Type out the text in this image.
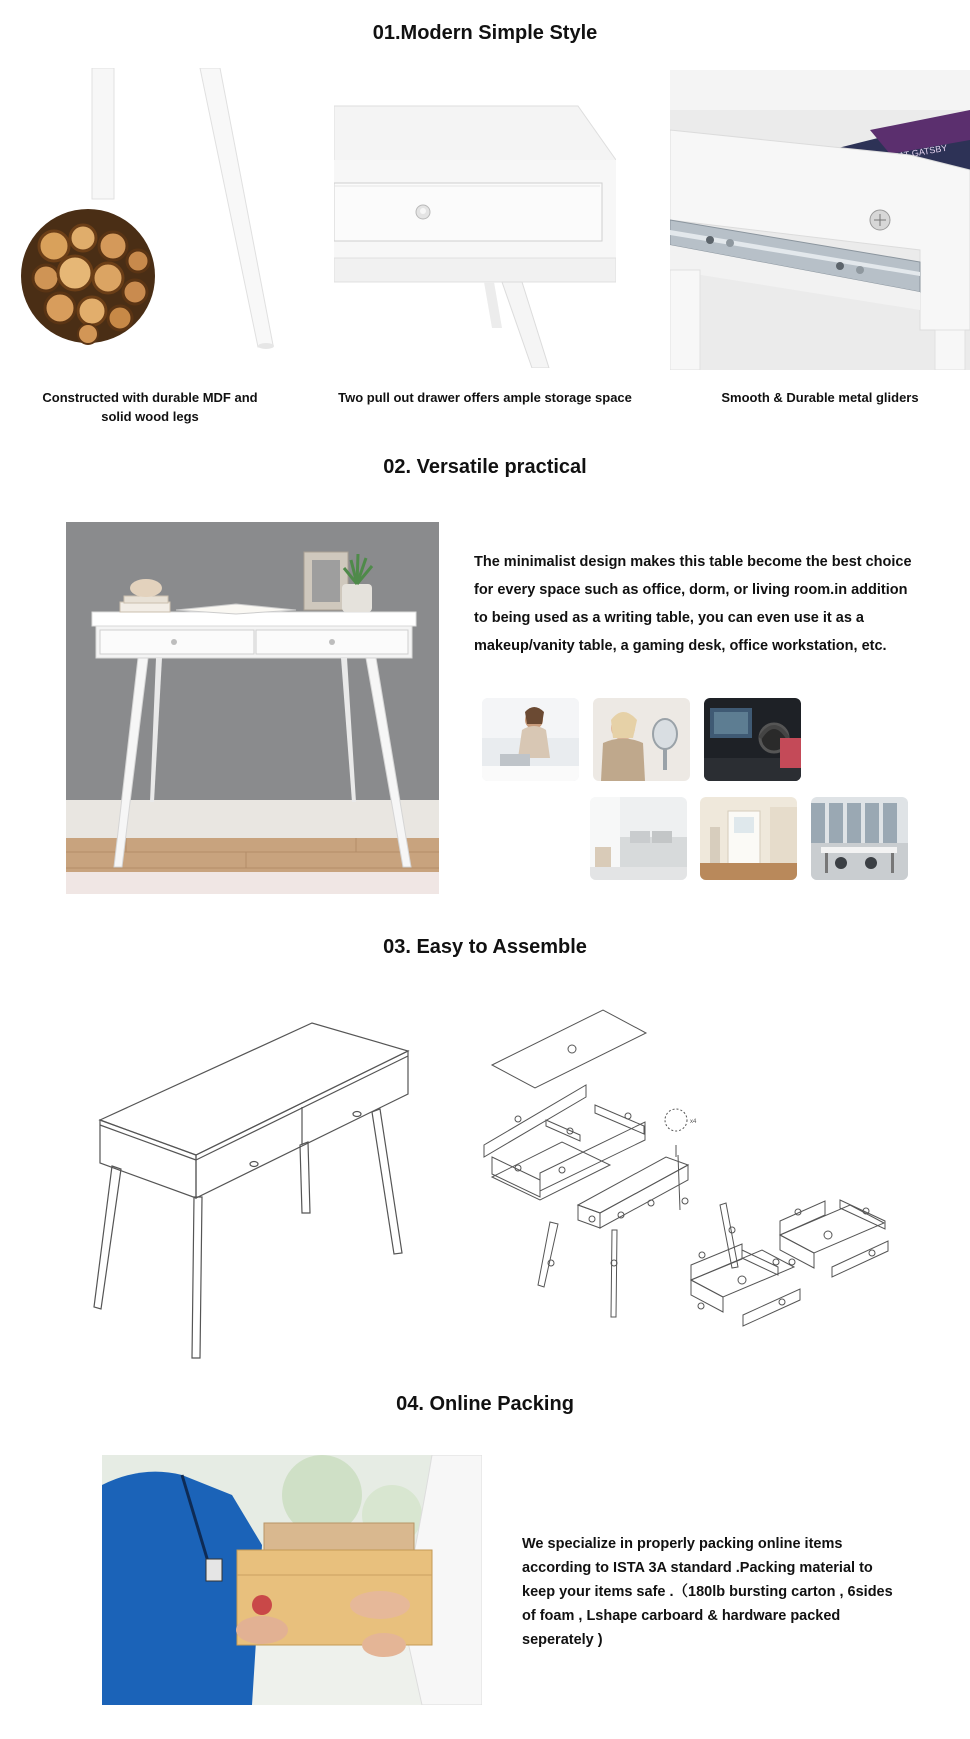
01.Modern Simple Style
Constructed with durable MDF and solid wood legs
Two pull out drawer offers ample storage space	Smooth & Durable metal gliders
02. Versatile practical
The minimalist design makes this table become the best choice for every space such as office, dorm, or living room.in addition to being used as a writing table, you can even use it as a makeup/vanity table, a gaming desk, office workstation, etc.
03. Easy to Assemble
x4
04. Online Packing
We specialize in properly packing online items according to ISTA 3A standard .Packing material to keep your items safe .（180lb bursting carton , 6sides of foam , Lshape carboard & hardware packed seperately )
